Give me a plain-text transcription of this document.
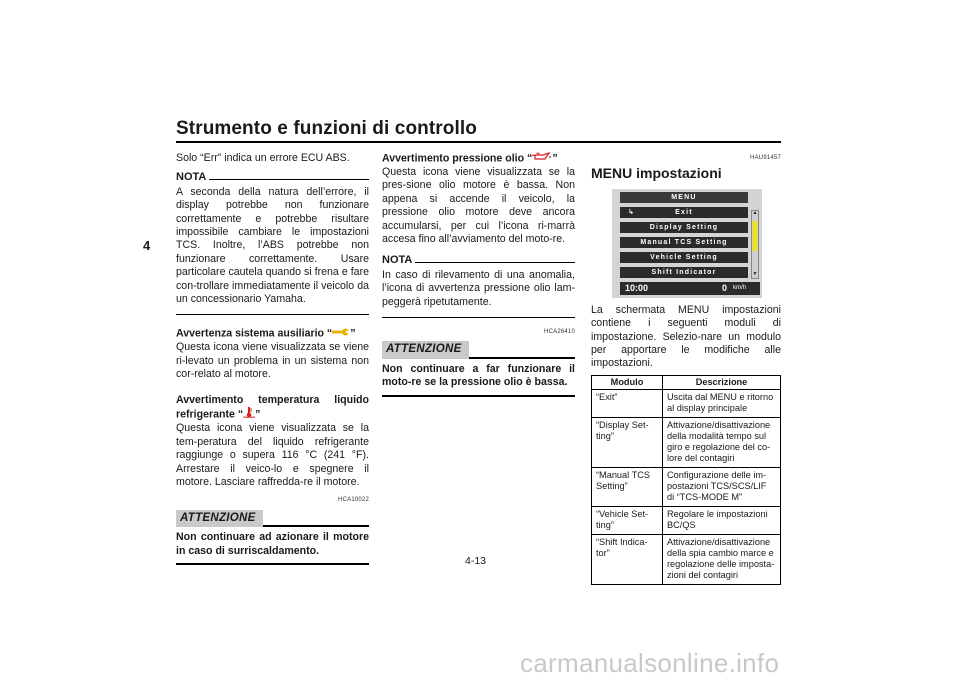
Strumento e funzioni di controllo
4

Solo “Err” indica un errore ECU ABS.

NOTA

A seconda della natura dell’errore, il display potrebbe non funzionare correttamente e potrebbe risultare impossibile cambiare le impostazioni TCS. Inoltre, l’ABS potrebbe non funzionare correttamente. Usare particolare cautela quando si frena e fare con-trollare immediatamente il veicolo da un concessionario Yamaha.

Avvertenza sistema ausiliario “ ”

Questa icona viene visualizzata se viene ri-levato un problema in un sistema non cor-relato al motore.

Avvertimento temperatura liquido refrigerante “ ”

Questa icona viene visualizzata se la tem-peratura del liquido refrigerante raggiunge o supera 116 °C (241 °F). Arrestare il veico-lo e spegnere il motore. Lasciare raffredda-re il motore.

HCA10022
ATTENZIONE

Non continuare ad azionare il motore in caso di surriscaldamento.

Avvertimento pressione olio “ ”

Questa icona viene visualizzata se la pres-sione olio motore è bassa. Non appena si accende il veicolo, la pressione olio motore deve ancora accumularsi, per cui l’icona ri-marrà accesa fino all’avviamento del moto-re.

NOTA

In caso di rilevamento di una anomalia, l’icona di avvertenza pressione olio lam-peggerà ripetutamente.

HCA26410
ATTENZIONE

Non continuare a far funzionare il moto-re se la pressione olio è bassa.

HAU91457
MENU impostazioni
MENU
↳	Exit
Display Setting
Manual TCS Setting
Vehicle Setting
Shift Indicator
▲
▼
10:00	0 km/h

La schermata MENU impostazioni contiene i seguenti moduli di impostazione. Selezio-nare un modulo per apportare le modifiche alle impostazioni.

Modulo	Descrizione
“Exit”	Uscita dal MENU e ritorno al display principale
“Display Set-ting”	Attivazione/disattivazione della modalità tempo sul giro e regolazione del co-lore del contagiri
“Manual TCS Setting”	Configurazione delle im-postazioni TCS/SCS/LIF di “TCS-MODE M”
“Vehicle Set-ting”	Regolare le impostazioni BC/QS
“Shift Indica-tor”	Attivazione/disattivazione della spia cambio marce e regolazione delle imposta-zioni del contagiri
4-13
carmanualsonline.info
